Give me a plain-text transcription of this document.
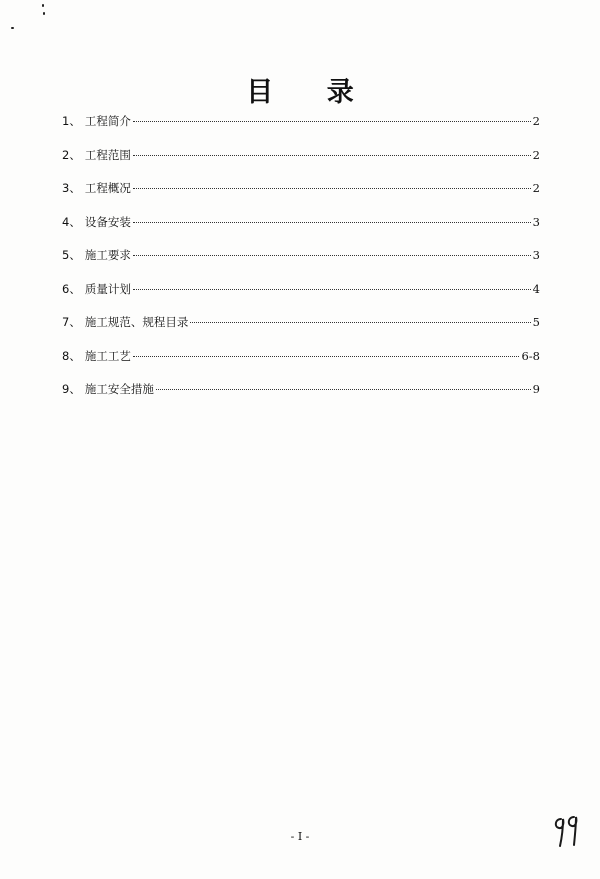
目 录
1、 工程简介	2
2、 工程范围	2
3、 工程概况	2
4、 设备安装	3
5、 施工要求	3
6、 质量计划	4
7、 施工规范、规程目录	5
8、 施工工艺	6-8
9、 施工安全措施	9
- I -
